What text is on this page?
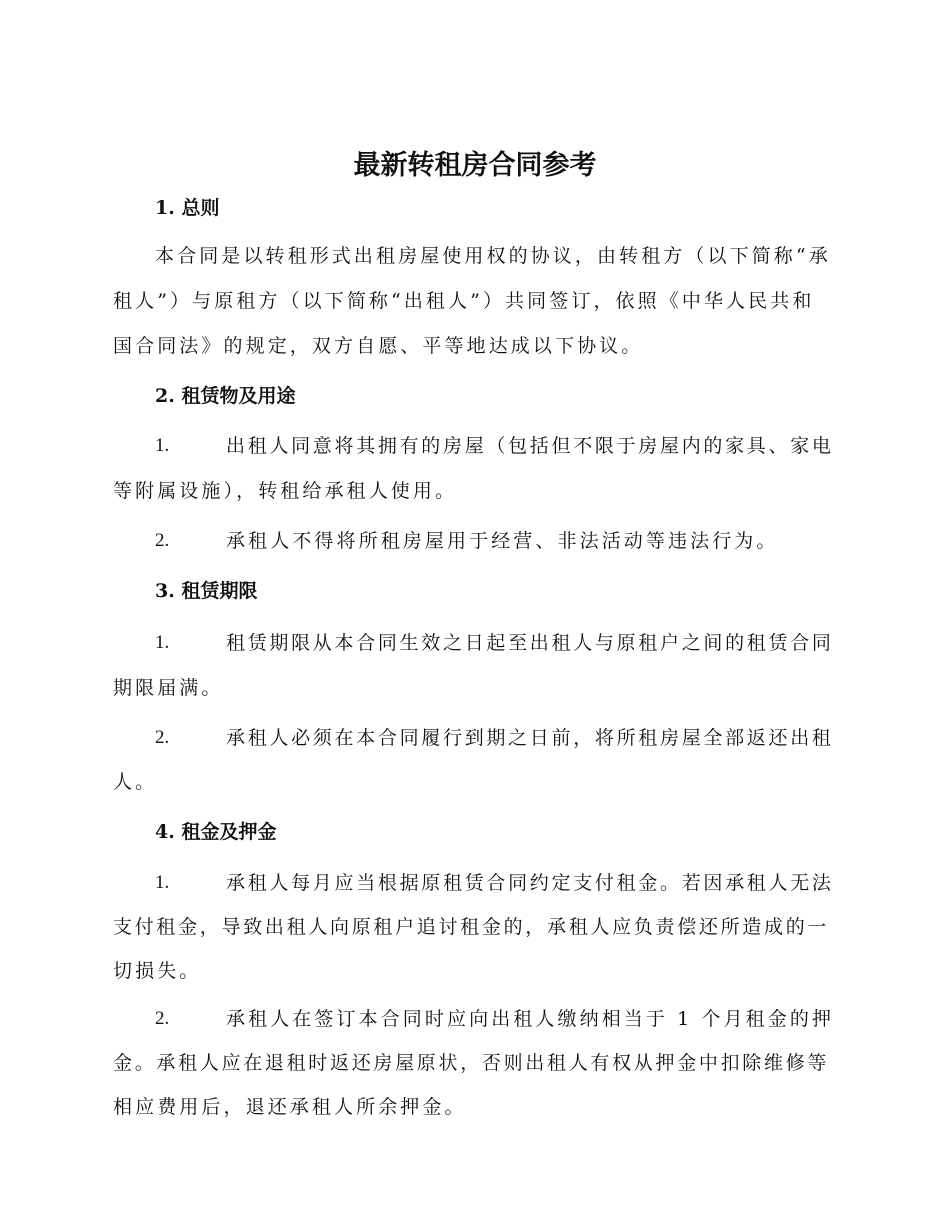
最新转租房合同参考
1. 总则
本合同是以转租形式出租房屋使用权的协议，由转租方（以下简称“承
租人”）与原租方（以下简称“出租人”）共同签订，依照《中华人民共和
国合同法》的规定，双方自愿、平等地达成以下协议。
2. 租赁物及用途
1.	出租人同意将其拥有的房屋（包括但不限于房屋内的家具、家电
等附属设施），转租给承租人使用。
2.	承租人不得将所租房屋用于经营、非法活动等违法行为。
3. 租赁期限
1.	租赁期限从本合同生效之日起至出租人与原租户之间的租赁合同
期限届满。
2.	承租人必须在本合同履行到期之日前，将所租房屋全部返还出租
人。
4. 租金及押金
1.	承租人每月应当根据原租赁合同约定支付租金。若因承租人无法
支付租金，导致出租人向原租户追讨租金的，承租人应负责偿还所造成的一
切损失。
2.	承租人在签订本合同时应向出租人缴纳相当于 1 个月租金的押
金。承租人应在退租时返还房屋原状，否则出租人有权从押金中扣除维修等
相应费用后，退还承租人所余押金。
